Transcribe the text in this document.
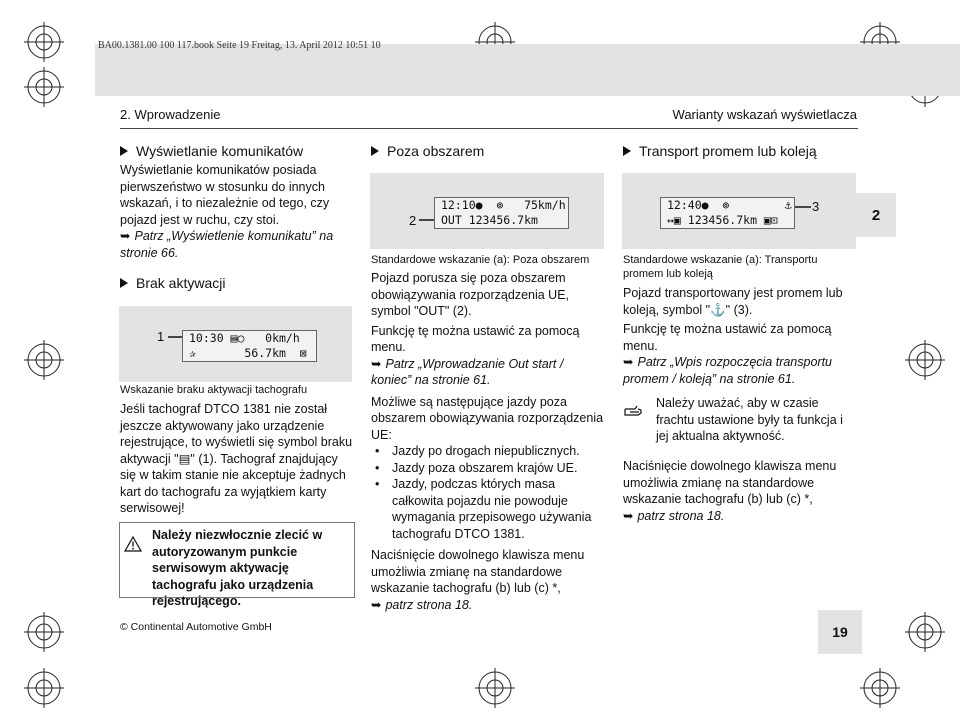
BA00.1381.00 100 117.book Seite 19 Freitag, 13. April 2012 10:51 10
2. Wprowadzenie	Warianty wskazań wyświetlacza
2
Wyświetlanie komunikatów

Wyświetlanie komunikatów posiada pierwszeństwo w stosunku do innych wskazań, i to niezależnie od tego, czy pojazd jest w ruchu, czy stoi.

➥ Patrz „Wyświetlenie komunikatu” na stronie 66.

Brak aktywacji
1 10:30 ▤○   0km/h
✰       56.7km  ⊠
Wskazanie braku aktywacji tachografu
Jeśli tachograf DTCO 1381 nie został jeszcze aktywowany jako urządzenie rejestrujące, to wyświetli się symbol braku aktywacji "▤" (1). Tachograf znajdujący się w takim stanie nie akceptuje żadnych kart do tachografu za wyjątkiem karty serwisowej!
Należy niezwłocznie zlecić w autoryzowanym punkcie serwisowym aktywację tachografu jako urządzenia rejestrującego.
Poza obszarem
2
12:10●  ⊚   75km/h
OUT 123456.7km
Standardowe wskazanie (a): Poza obszarem

Pojazd porusza się poza obszarem obowiązywania rozporządzenia UE, symbol "OUT" (2).

Funkcję tę można ustawić za pomocą menu.

➥ Patrz „Wprowadzanie Out start / koniec” na stronie 61.

Możliwe są następujące jazdy poza obszarem obowiązywania rozporządzenia UE:

• Jazdy po drogach niepublicznych.
• Jazdy poza obszarem krajów UE.
• Jazdy, podczas których masa całkowita pojazdu nie powoduje wymagania przepisowego używania tachografu DTCO 1381.

Naciśnięcie dowolnego klawisza menu umożliwia zmianę na standardowe wskazanie tachografu (b) lub (c) *,

➥ patrz strona 18.

Transport promem lub koleją
12:40●  ⊚        ⚓
↔▣ 123456.7km ▣⊡
3
Standardowe wskazanie (a): Transportu promem lub koleją

Pojazd transportowany jest promem lub koleją, symbol "⚓" (3).

Funkcję tę można ustawić za pomocą menu.

➥ Patrz „Wpis rozpoczęcia transportu promem / koleją” na stronie 61.

Należy uważać, aby w czasie frachtu ustawione były ta funkcja i jej aktualna aktywność.

Naciśnięcie dowolnego klawisza menu umożliwia zmianę na standardowe wskazanie tachografu (b) lub (c) *,

➥ patrz strona 18.

© Continental Automotive GmbH	19
